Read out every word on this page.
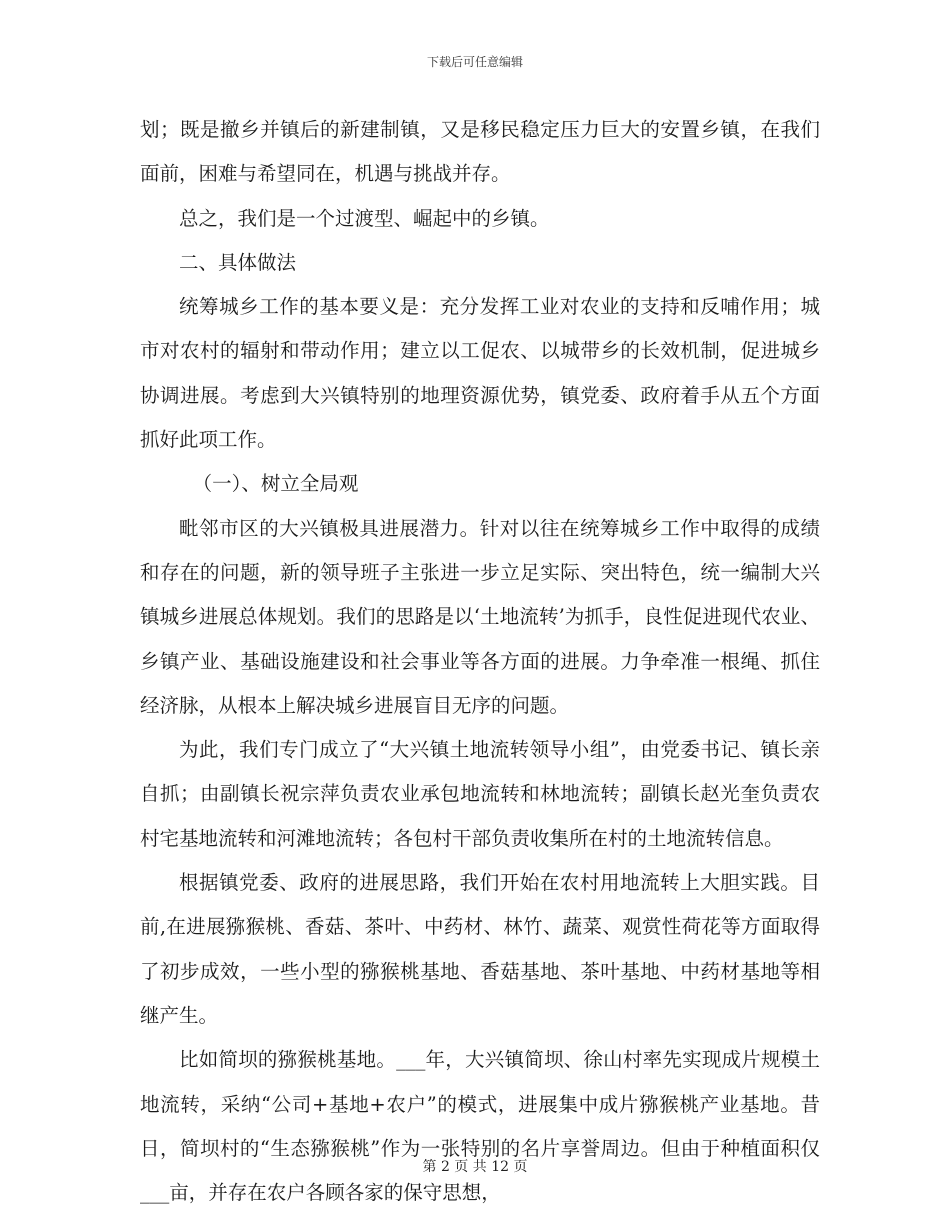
下载后可任意编辑

划；既是撤乡并镇后的新建制镇，又是移民稳定压力巨大的安置乡镇，在我们面前，困难与希望同在，机遇与挑战并存。

总之，我们是一个过渡型、崛起中的乡镇。

二、具体做法

统筹城乡工作的基本要义是：充分发挥工业对农业的支持和反哺作用；城市对农村的辐射和带动作用；建立以工促农、以城带乡的长效机制，促进城乡协调进展。考虑到大兴镇特别的地理资源优势，镇党委、政府着手从五个方面抓好此项工作。

（一）、树立全局观

毗邻市区的大兴镇极具进展潜力。针对以往在统筹城乡工作中取得的成绩和存在的问题，新的领导班子主张进一步立足实际、突出特色，统一编制大兴镇城乡进展总体规划。我们的思路是以‘土地流转’为抓手，良性促进现代农业、乡镇产业、基础设施建设和社会事业等各方面的进展。力争牵准一根绳、抓住经济脉，从根本上解决城乡进展盲目无序的问题。

为此，我们专门成立了“大兴镇土地流转领导小组”，由党委书记、镇长亲自抓；由副镇长祝宗萍负责农业承包地流转和林地流转；副镇长赵光奎负责农村宅基地流转和河滩地流转；各包村干部负责收集所在村的土地流转信息。

根据镇党委、政府的进展思路，我们开始在农村用地流转上大胆实践。目前,在进展猕猴桃、香菇、茶叶、中药材、林竹、蔬菜、观赏性荷花等方面取得了初步成效，一些小型的猕猴桃基地、香菇基地、茶叶基地、中药材基地等相继产生。

比如简坝的猕猴桃基地。___年，大兴镇简坝、徐山村率先实现成片规模土地流转，采纳“公司+基地+农户”的模式，进展集中成片猕猴桃产业基地。昔日，简坝村的“生态猕猴桃”作为一张特别的名片享誉周边。但由于种植面积仅___亩，并存在农户各顾各家的保守思想，

第 2 页 共 12 页
